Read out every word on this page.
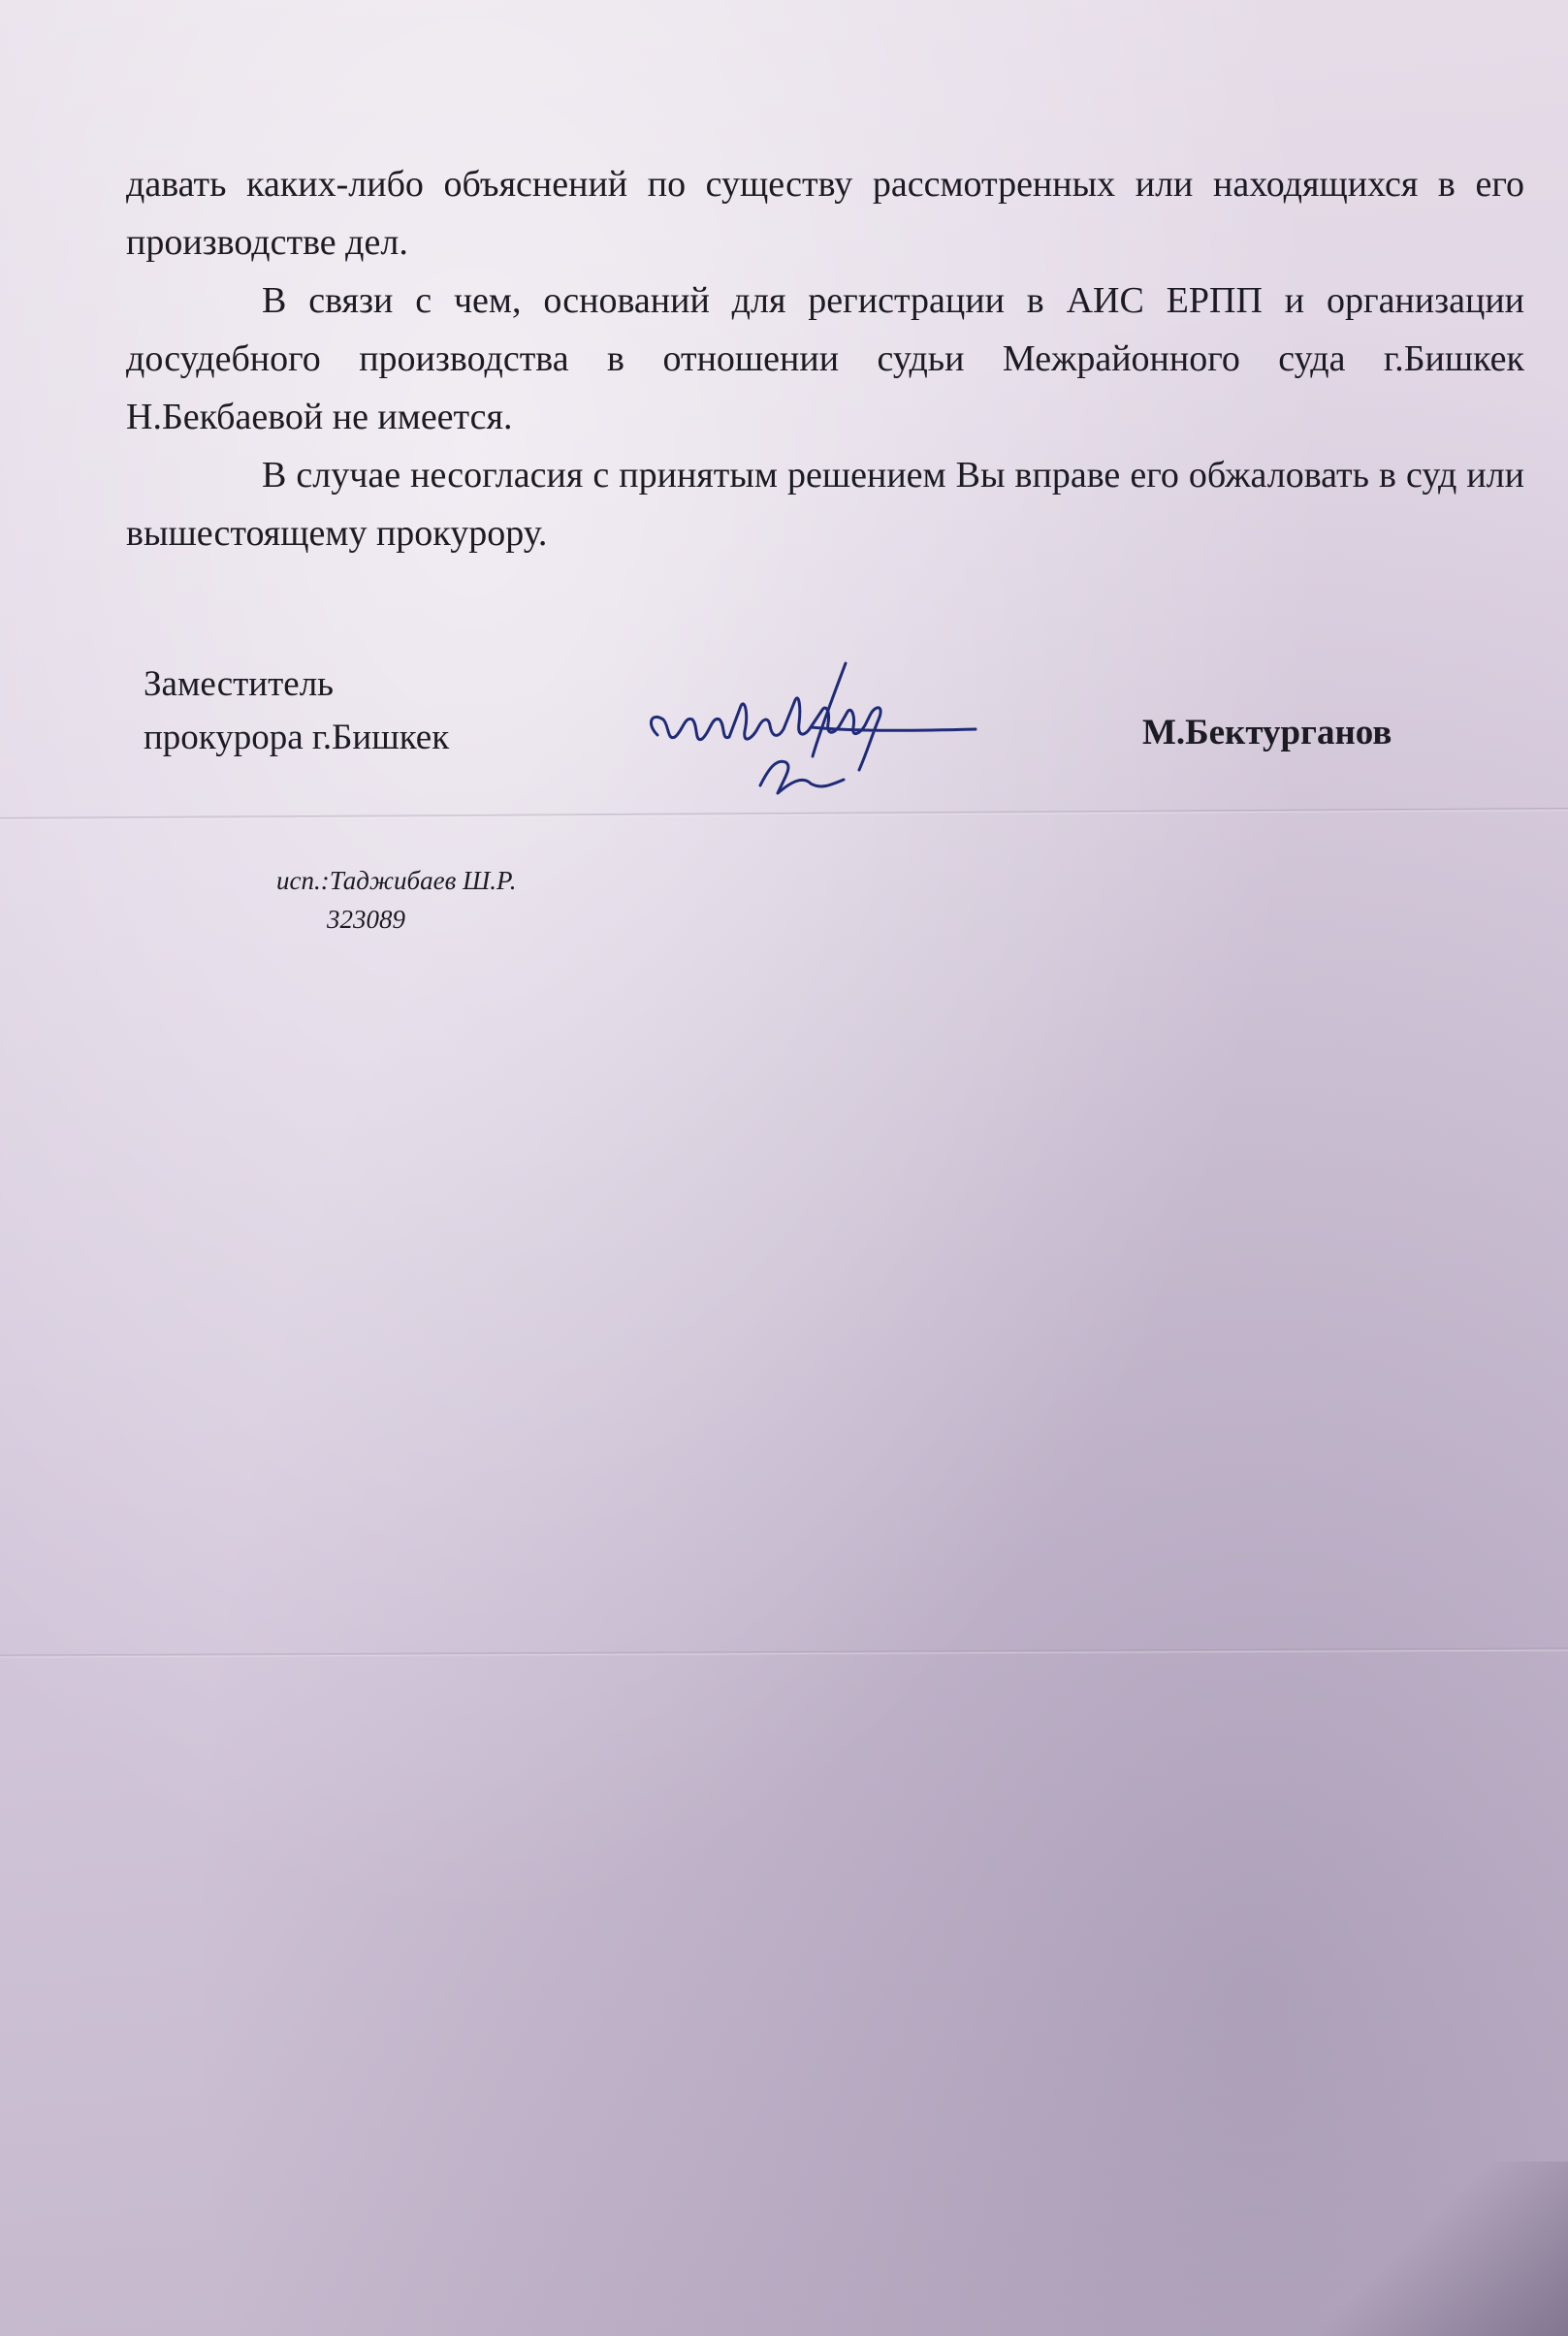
давать каких-либо объяснений по существу рассмотренных или находящихся в его производстве дел.

В связи с чем, оснований для регистрации в АИС ЕРПП и организации досудебного производства в отношении судьи Межрайонного суда г.Бишкек Н.Бекбаевой не имеется.

В случае несогласия с принятым решением Вы вправе его обжаловать в суд или вышестоящему прокурору.

Заместитель
прокурора г.Бишкек	М.Бектурганов
исп.:Таджибаев Ш.Р.
323089
